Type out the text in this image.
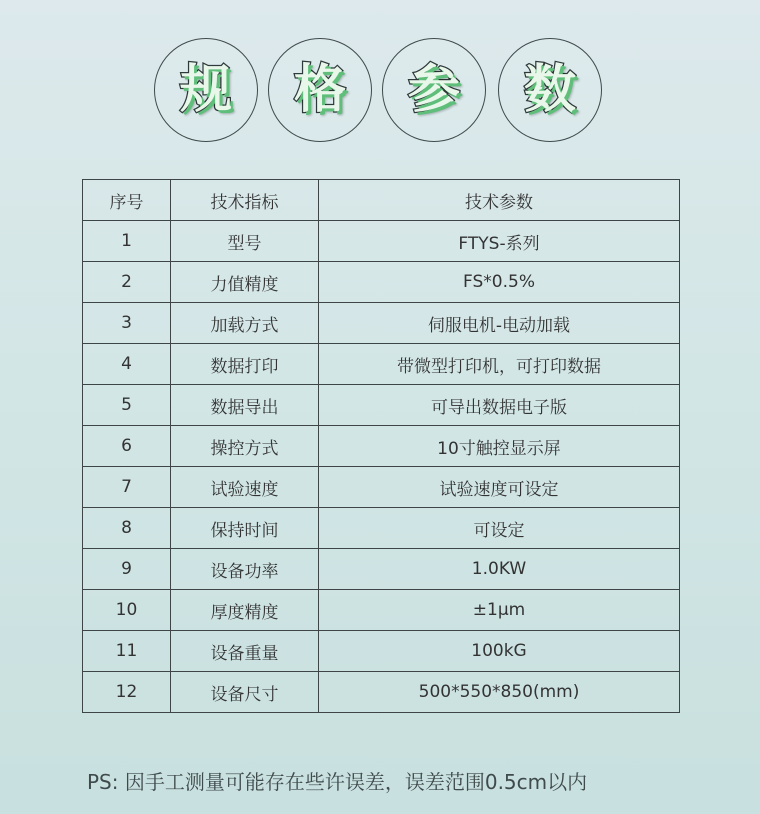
规 格 参 数
序号	技术指标	技术参数
1	型号	FTYS-系列
2	力值精度	FS*0.5%
3	加载方式	伺服电机-电动加载
4	数据打印	带微型打印机，可打印数据
5	数据导出	可导出数据电子版
6	操控方式	10寸触控显示屏
7	试验速度	试验速度可设定
8	保持时间	可设定
9	设备功率	1.0KW
10	厚度精度	±1μm
11	设备重量	100kG
12	设备尺寸	500*550*850(mm)
PS: 因手工测量可能存在些许误差，误差范围0.5cm以内
